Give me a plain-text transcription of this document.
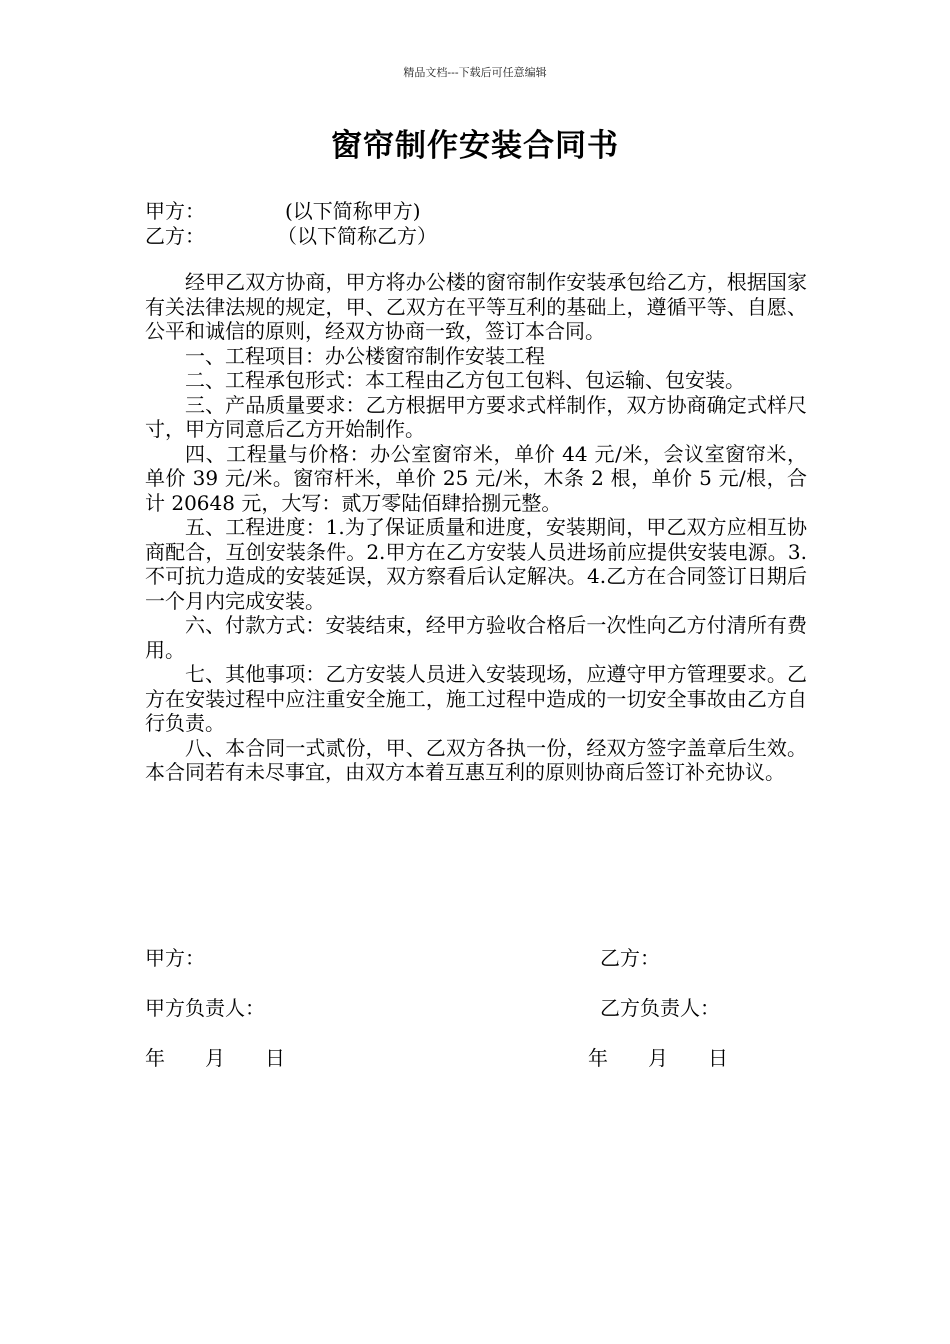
精品文档---下载后可任意编辑
窗帘制作安装合同书
甲方：	(以下简称甲方)
乙方：	（以下简称乙方）

经甲乙双方协商，甲方将办公楼的窗帘制作安装承包给乙方，根据国家有关法律法规的规定，甲、乙双方在平等互利的基础上，遵循平等、自愿、公平和诚信的原则，经双方协商一致，签订本合同。

一、工程项目：办公楼窗帘制作安装工程

二、工程承包形式：本工程由乙方包工包料、包运输、包安装。

三、产品质量要求：乙方根据甲方要求式样制作，双方协商确定式样尺寸，甲方同意后乙方开始制作。

四、工程量与价格：办公室窗帘米，单价 44 元/米，会议室窗帘米，单价 39 元/米。窗帘杆米，单价 25 元/米，木条 2 根，单价 5 元/根，合计 20648 元，大写：贰万零陆佰肆拾捌元整。

五、工程进度：1.为了保证质量和进度，安装期间，甲乙双方应相互协商配合，互创安装条件。2.甲方在乙方安装人员进场前应提供安装电源。3.不可抗力造成的安装延误，双方察看后认定解决。4.乙方在合同签订日期后一个月内完成安装。

六、付款方式：安装结束，经甲方验收合格后一次性向乙方付清所有费用。

七、其他事项：乙方安装人员进入安装现场，应遵守甲方管理要求。乙方在安装过程中应注重安全施工，施工过程中造成的一切安全事故由乙方自行负责。

八、本合同一式贰份，甲、乙双方各执一份，经双方签字盖章后生效。本合同若有未尽事宜，由双方本着互惠互利的原则协商后签订补充协议。

甲方：	乙方：
甲方负责人：	乙方负责人：
年 月 日	年 月 日
